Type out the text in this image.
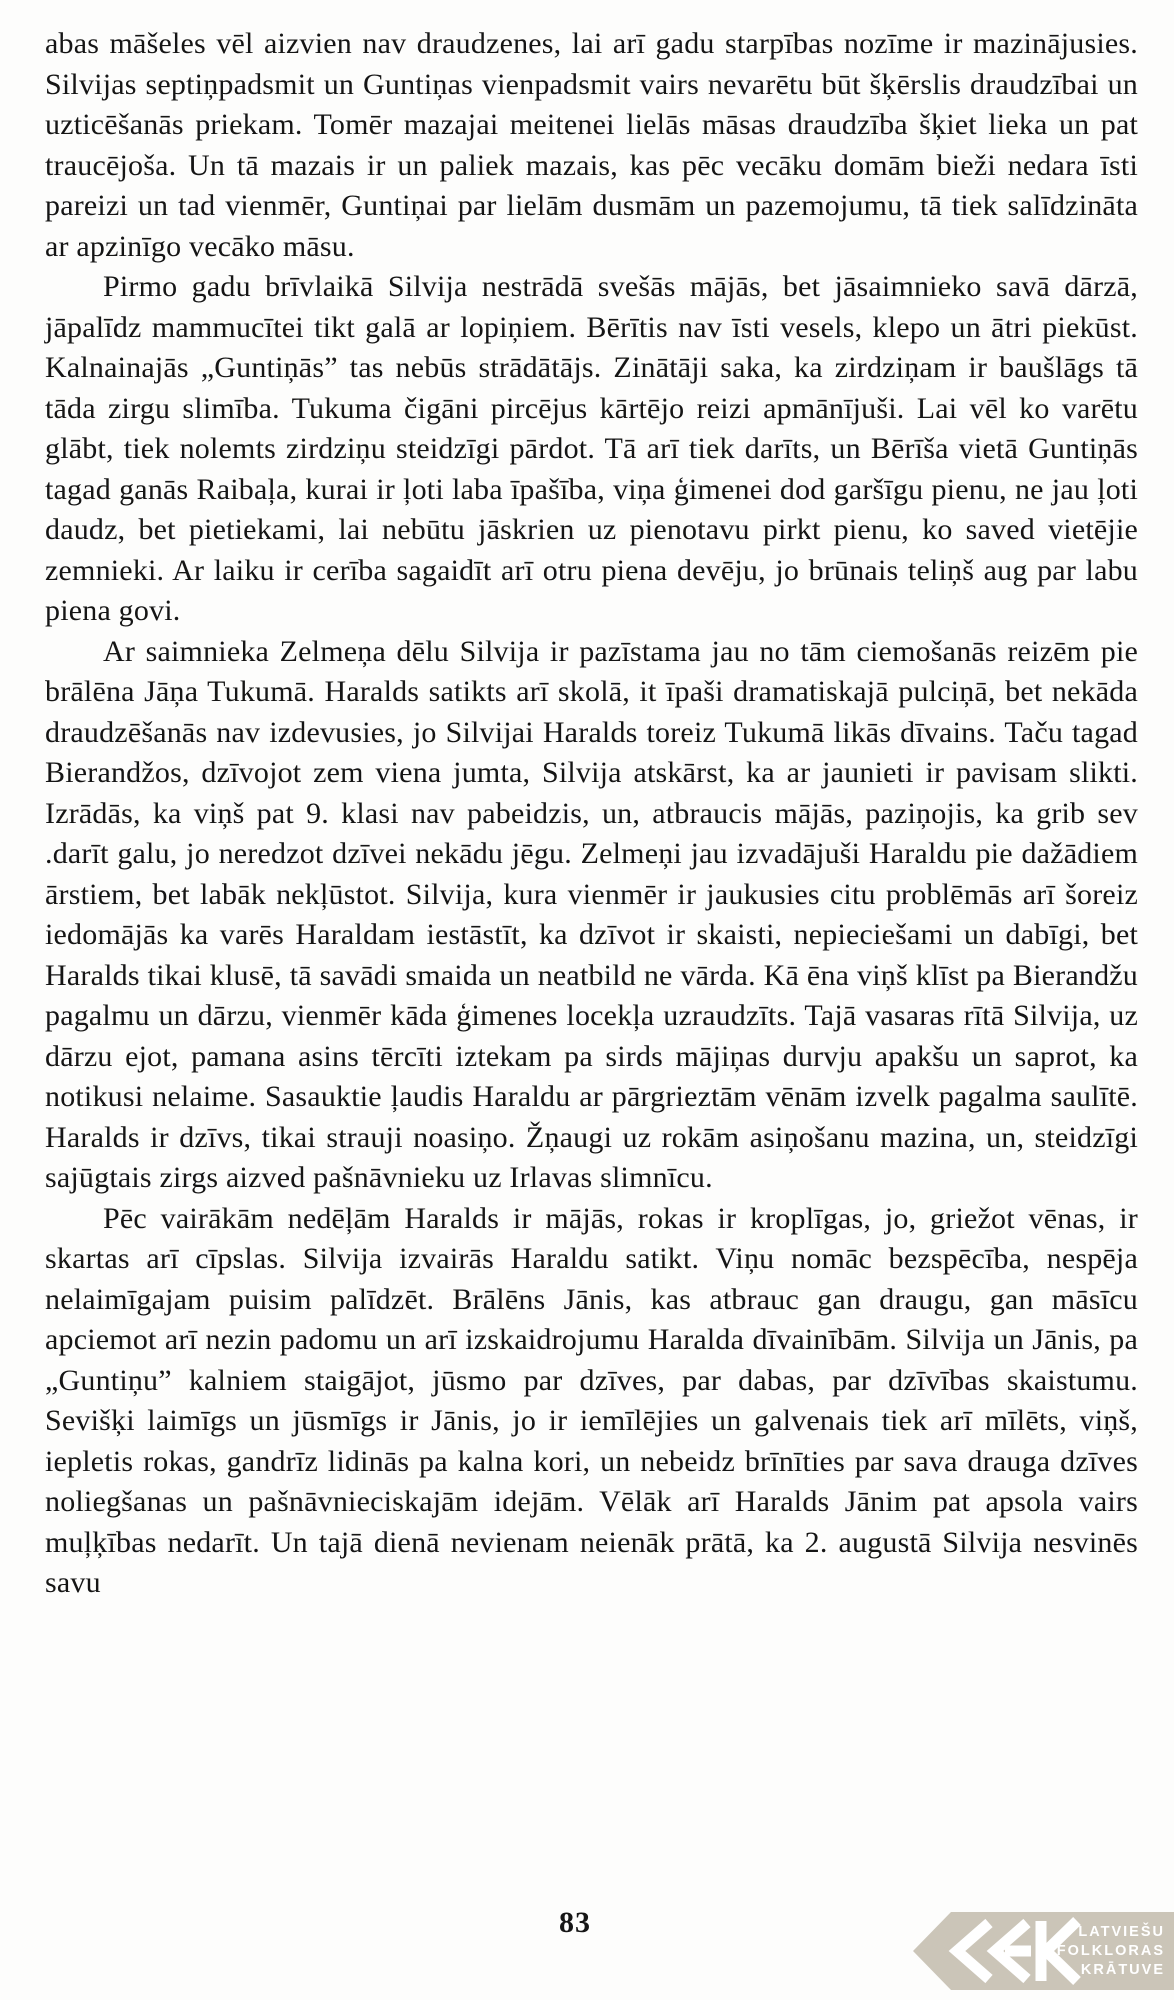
abas māšeles vēl aizvien nav draudzenes, lai arī gadu starpības nozīme ir mazinājusies. Silvijas septiņpadsmit un Guntiņas vienpadsmit vairs nevarētu būt šķērslis draudzībai un uzticēšanās priekam. Tomēr mazajai meitenei lielās māsas draudzība šķiet lieka un pat traucējoša. Un tā mazais ir un paliek mazais, kas pēc vecāku domām bieži nedara īsti pareizi un tad vienmēr, Guntiņai par lielām dusmām un pazemojumu, tā tiek salīdzināta ar apzinīgo vecāko māsu.

Pirmo gadu brīvlaikā Silvija nestrādā svešās mājās, bet jāsaimnieko savā dārzā, jāpalīdz mammucītei tikt galā ar lopiņiem. Bērītis nav īsti vesels, klepo un ātri piekūst. Kalnainajās „Guntiņās” tas nebūs strādātājs. Zinātāji saka, ka zirdziņam ir baušlāgs tā tāda zirgu slimība. Tukuma čigāni pircējus kārtējo reizi apmānījuši. Lai vēl ko varētu glābt, tiek nolemts zirdziņu steidzīgi pārdot. Tā arī tiek darīts, un Bērīša vietā Guntiņās tagad ganās Raibaļa, kurai ir ļoti laba īpašība, viņa ģimenei dod garšīgu pienu, ne jau ļoti daudz, bet pietiekami, lai nebūtu jāskrien uz pienotavu pirkt pienu, ko saved vietējie zemnieki. Ar laiku ir cerība sagaidīt arī otru piena devēju, jo brūnais teliņš aug par labu piena govi.

Ar saimnieka Zelmeņa dēlu Silvija ir pazīstama jau no tām ciemošanās reizēm pie brālēna Jāņa Tukumā. Haralds satikts arī skolā, it īpaši dramatiskajā pulciņā, bet nekāda draudzēšanās nav izdevusies, jo Silvijai Haralds toreiz Tukumā likās dīvains. Taču tagad Bierandžos, dzīvojot zem viena jumta, Silvija atskārst, ka ar jaunieti ir pavisam slikti. Izrādās, ka viņš pat 9. klasi nav pabeidzis, un, atbraucis mājās, paziņojis, ka grib sev .darīt galu, jo neredzot dzīvei nekādu jēgu. Zelmeņi jau izvadājuši Haraldu pie dažādiem ārstiem, bet labāk nekļūstot. Silvija, kura vienmēr ir jaukusies citu problēmās arī šoreiz iedomājās ka varēs Haraldam iestāstīt, ka dzīvot ir skaisti, nepieciešami un dabīgi, bet Haralds tikai klusē, tā savādi smaida un neatbild ne vārda. Kā ēna viņš klīst pa Bierandžu pagalmu un dārzu, vienmēr kāda ģimenes locekļa uzraudzīts. Tajā vasaras rītā Silvija, uz dārzu ejot, pamana asins tērcīti iztekam pa sirds mājiņas durvju apakšu un saprot, ka notikusi nelaime. Sasauktie ļaudis Haraldu ar pārgrieztām vēnām izvelk pagalma saulītē. Haralds ir dzīvs, tikai strauji noasiņo. Žņaugi uz rokām asiņošanu mazina, un, steidzīgi sajūgtais zirgs aizved pašnāvnieku uz Irlavas slimnīcu.

Pēc vairākām nedēļām Haralds ir mājās, rokas ir kroplīgas, jo, griežot vēnas, ir skartas arī cīpslas. Silvija izvairās Haraldu satikt. Viņu nomāc bezspēcība, nespēja nelaimīgajam puisim palīdzēt. Brālēns Jānis, kas atbrauc gan draugu, gan māsīcu apciemot arī nezin padomu un arī izskaidrojumu Haralda dīvainībām. Silvija un Jānis, pa „Guntiņu” kalniem staigājot, jūsmo par dzīves, par dabas, par dzīvības skaistumu. Sevišķi laimīgs un jūsmīgs ir Jānis, jo ir iemīlējies un galvenais tiek arī mīlēts, viņš, iepletis rokas, gandrīz lidinās pa kalna kori, un nebeidz brīnīties par sava drauga dzīves noliegšanas un pašnāvnieciskajām idejām. Vēlāk arī Haralds Jānim pat apsola vairs muļķības nedarīt. Un tajā dienā nevienam neienāk prātā, ka 2. augustā Silvija nesvinēs savu

83	LATVIEŠU
FOLKLORAS
KRĀTUVE
